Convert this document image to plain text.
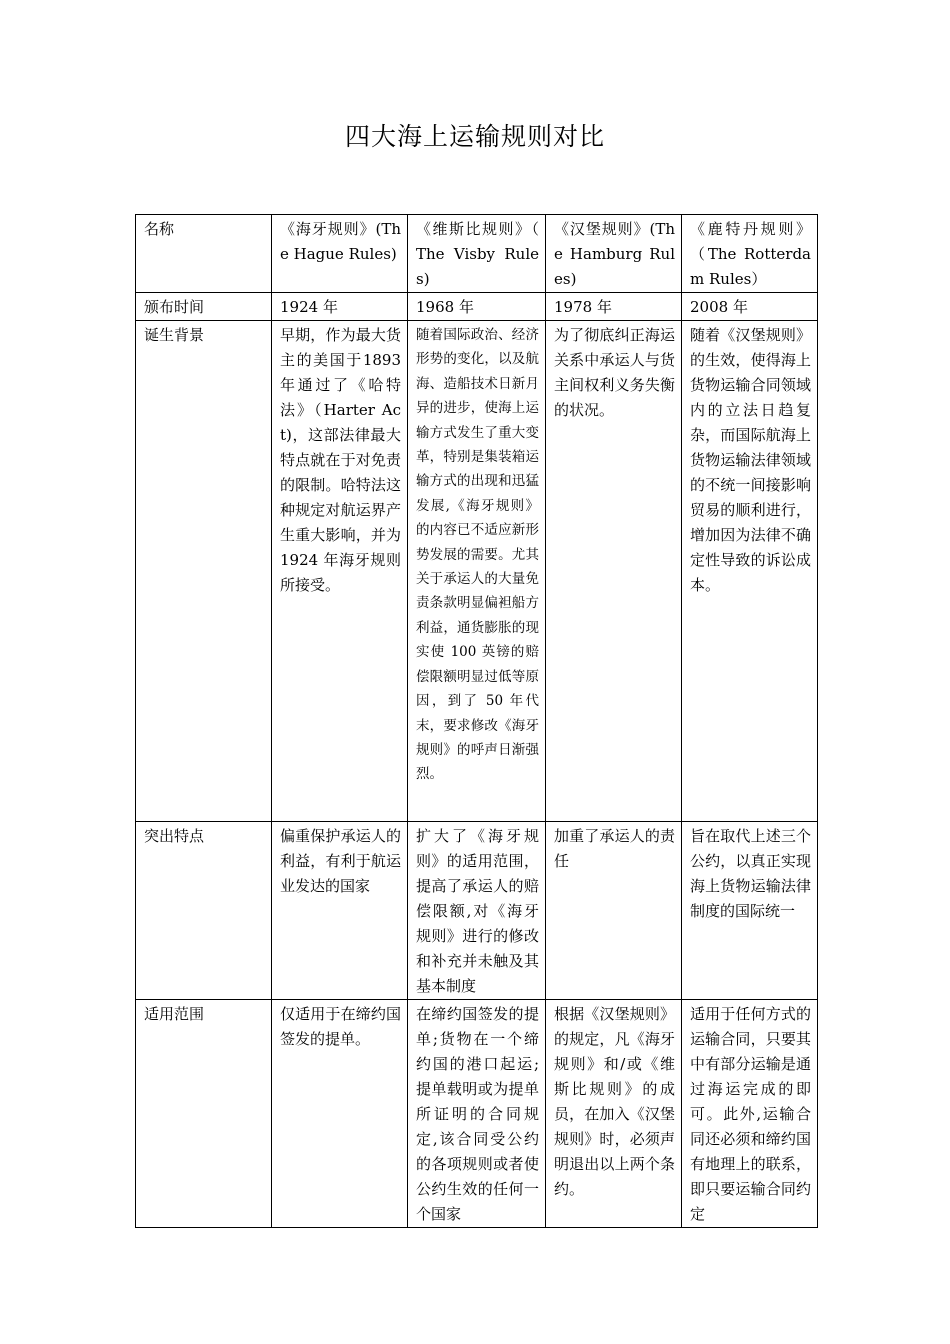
四大海上运输规则对比
名称	《海牙规则》(The Hague Rules)	《维斯比规则》（ The Visby Rules)	《汉堡规则》(The Hamburg Rules)	《鹿特丹规则》（The Rotterdam Rules）
颁布时间	1924 年	1968 年	1978 年	2008 年
诞生背景	早期，作为最大货主的美国于1893 年通过了《哈特法》（Harter Act)，这部法律最大特点就在于对免责的限制。哈特法这种规定对航运界产生重大影响，并为1924 年海牙规则所接受。	随着国际政治、经济形势的变化，以及航海、造船技术日新月异的进步，使海上运输方式发生了重大变革，特别是集装箱运输方式的出现和迅猛发展,《海牙规则》的内容已不适应新形势发展的需要。尤其关于承运人的大量免责条款明显偏袒船方利益，通货膨胀的现实使 100 英镑的赔偿限额明显过低等原因，到了 50 年代末，要求修改《海牙规则》的呼声日渐强烈。	为了彻底纠正海运关系中承运人与货主间权利义务失衡的状况。	随着《汉堡规则》的生效，使得海上货物运输合同领域内的立法日趋复杂，而国际航海上货物运输法律领域的不统一间接影响贸易的顺利进行，增加因为法律不确定性导致的诉讼成本。
突出特点	偏重保护承运人的利益，有利于航运业发达的国家	扩大了《海牙规则》的适用范围，提高了承运人的赔偿限额,对《海牙规则》进行的修改和补充并未触及其基本制度	加重了承运人的责任	旨在取代上述三个公约，以真正实现海上货物运输法律制度的国际统一
适用范围	仅适用于在缔约国签发的提单。	在缔约国签发的提单;货物在一个缔约国的港口起运;提单载明或为提单所证明的合同规定,该合同受公约的各项规则或者使公约生效的任何一个国家	根据《汉堡规则》的规定，凡《海牙规则》和/或《维斯比规则》的成员，在加入《汉堡规则》时，必须声明退出以上两个条约。	适用于任何方式的运输合同，只要其中有部分运输是通过海运完成的即可。此外,运输合同还必须和缔约国有地理上的联系，即只要运输合同约定
